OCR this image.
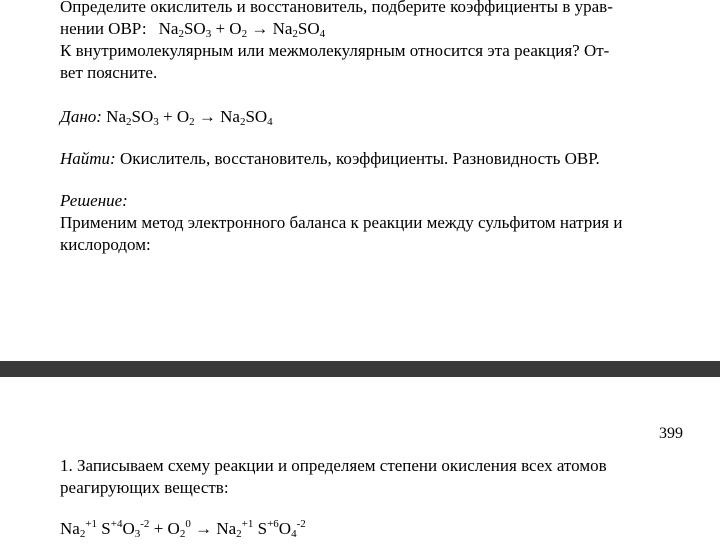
Определите окислитель и восстановитель, подберите коэффициенты в урав-
нении ОВР: $Na_2SO_3 + O_2 \to Na_2SO_4$
К внутримолекулярным или межмолекулярным относится эта реакция? От-
вет поясните.
Дано: $Na_2SO_3 + O_2 \to Na_2SO_4$
Найти: Окислитель, восстановитель, коэффициенты. Разновидность ОВР.
Решение:
Применим метод электронного баланса к реакции между сульфитом натрия и
кислородом:
399
1. Записываем схему реакции и определяем степени окисления всех атомов
реагирующих веществ:
$Na_2^{+1}$ $S^{+4}O_3^{-2} + O_2^0 \to Na_2^{+1}$ $S^{+6}O_4^{-2}$
